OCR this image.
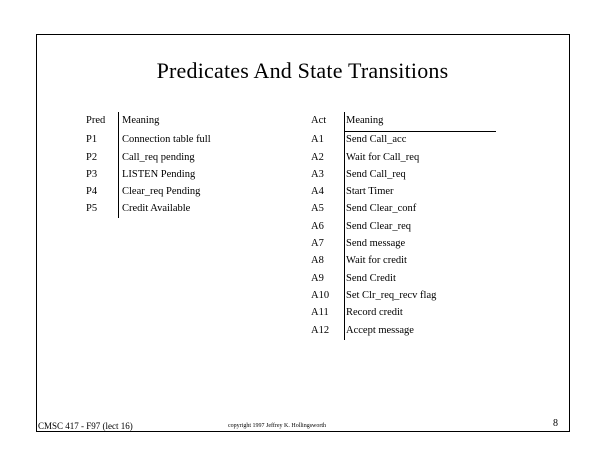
Predicates And State Transitions
Pred	Meaning
P1	Connection table full
P2	Call_req pending
P3	LISTEN Pending
P4	Clear_req Pending
P5	Credit Available
Act	Meaning
A1	Send Call_acc
A2	Wait for Call_req
A3	Send Call_req
A4	Start Timer
A5	Send Clear_conf
A6	Send Clear_req
A7	Send message
A8	Wait for credit
A9	Send Credit
A10	Set Clr_req_recv flag
A11	Record credit
A12	Accept message
CMSC 417 - F97 (lect 16)	copyright 1997 Jeffrey K. Hollingsworth	8
